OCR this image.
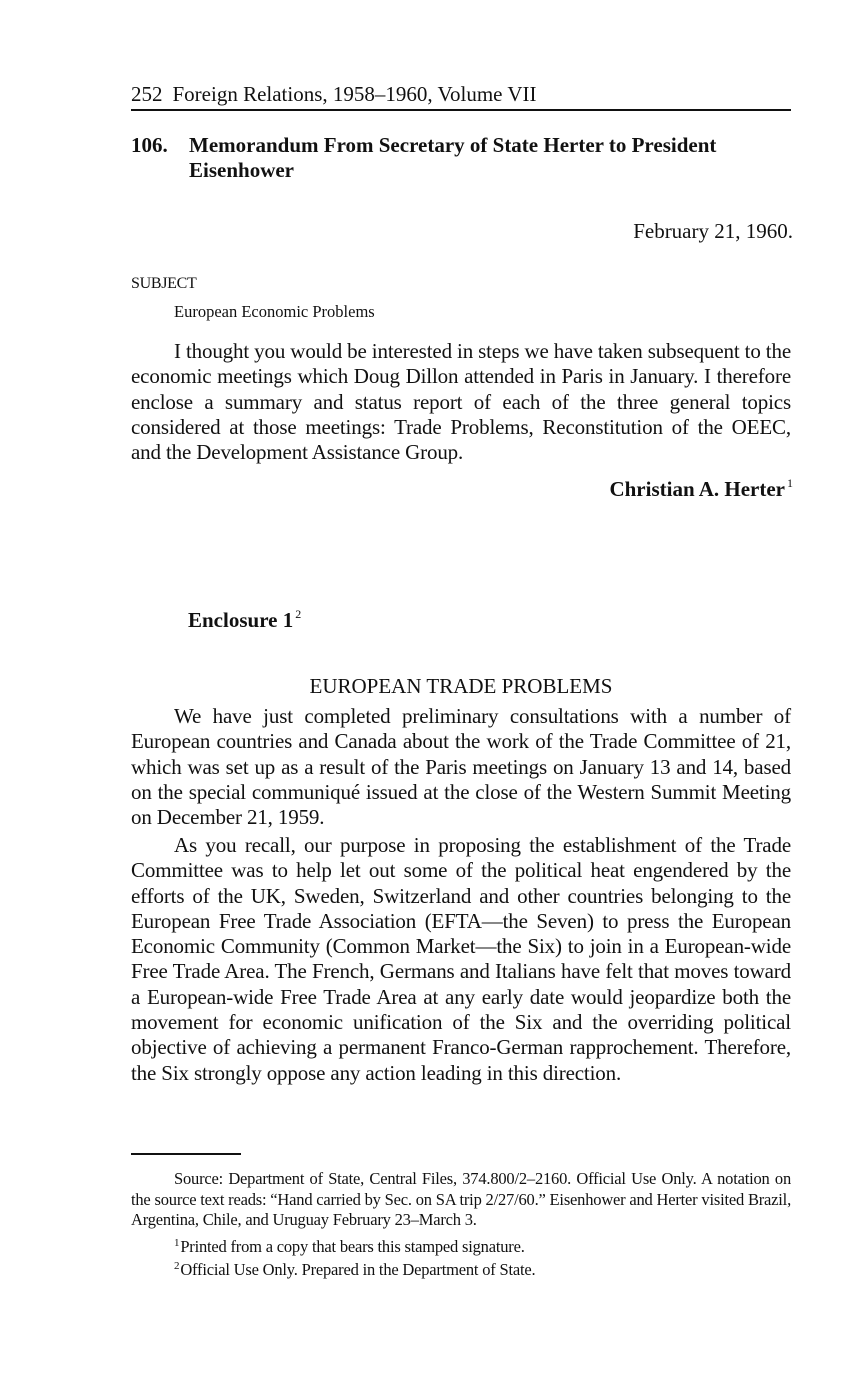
252 Foreign Relations, 1958–1960, Volume VII
106.	Memorandum From Secretary of State Herter to President Eisenhower
February 21, 1960.
SUBJECT
European Economic Problems

I thought you would be interested in steps we have taken subsequent to the economic meetings which Doug Dillon attended in Paris in January. I therefore enclose a summary and status report of each of the three general topics considered at those meetings: Trade Problems, Reconstitution of the OEEC, and the Development Assistance Group.

Christian A. Herter $^1$
Enclosure 1 $^2$
EUROPEAN TRADE PROBLEMS

We have just completed preliminary consultations with a number of European countries and Canada about the work of the Trade Committee of 21, which was set up as a result of the Paris meetings on January 13 and 14, based on the special communiqué issued at the close of the Western Summit Meeting on December 21, 1959.

As you recall, our purpose in proposing the establishment of the Trade Committee was to help let out some of the political heat engendered by the efforts of the UK, Sweden, Switzerland and other countries belonging to the European Free Trade Association (EFTA—the Seven) to press the European Economic Community (Common Market—the Six) to join in a European-wide Free Trade Area. The French, Germans and Italians have felt that moves toward a European-wide Free Trade Area at any early date would jeopardize both the movement for economic unification of the Six and the overriding political objective of achieving a permanent Franco-German rapprochement. Therefore, the Six strongly oppose any action leading in this direction.

Source: Department of State, Central Files, 374.800/2–2160. Official Use Only. A notation on the source text reads: “Hand carried by Sec. on SA trip 2/27/60.” Eisenhower and Herter visited Brazil, Argentina, Chile, and Uruguay February 23–March 3.

$^1$Printed from a copy that bears this stamped signature.

$^2$Official Use Only. Prepared in the Department of State.
